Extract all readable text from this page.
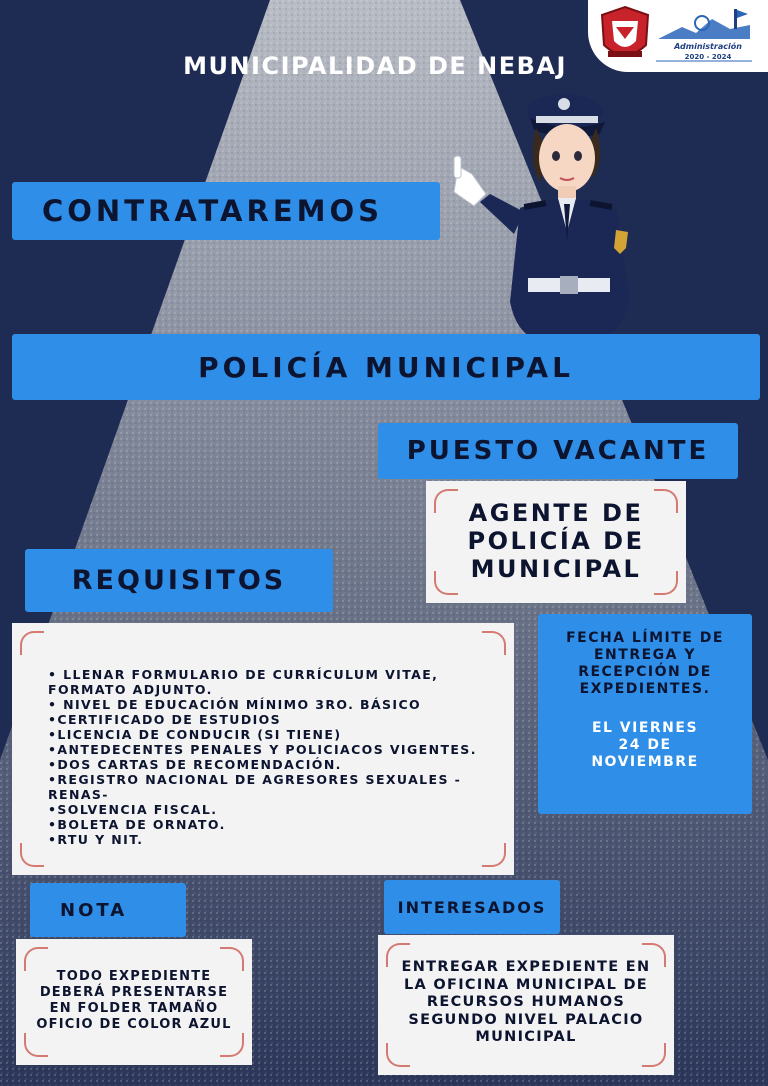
Administración
2020 - 2024
MUNICIPALIDAD DE NEBAJ
CONTRATAREMOS
POLICÍA MUNICIPAL
PUESTO VACANTE
AGENTE DE
POLICÍA DE
MUNICIPAL
REQUISITOS
• LLENAR FORMULARIO DE CURRÍCULUM VITAE, FORMATO ADJUNTO.
• NIVEL DE EDUCACIÓN MÍNIMO 3RO. BÁSICO
•CERTIFICADO DE ESTUDIOS
•LICENCIA DE CONDUCIR (SI TIENE)
•ANTEDECENTES PENALES Y POLICIACOS VIGENTES.
•DOS CARTAS DE RECOMENDACIÓN.
•REGISTRO NACIONAL DE AGRESORES SEXUALES -RENAS-
•SOLVENCIA FISCAL.
•BOLETA DE ORNATO.
•RTU Y NIT.
FECHA LÍMITE DE
ENTREGA Y
RECEPCIÓN DE
EXPEDIENTES.
EL VIERNES
24 DE
NOVIEMBRE
NOTA
TODO EXPEDIENTE
DEBERÁ PRESENTARSE
EN FOLDER TAMAÑO
OFICIO DE COLOR AZUL
INTERESADOS
ENTREGAR EXPEDIENTE EN
LA OFICINA MUNICIPAL DE
RECURSOS HUMANOS
SEGUNDO NIVEL PALACIO
MUNICIPAL
